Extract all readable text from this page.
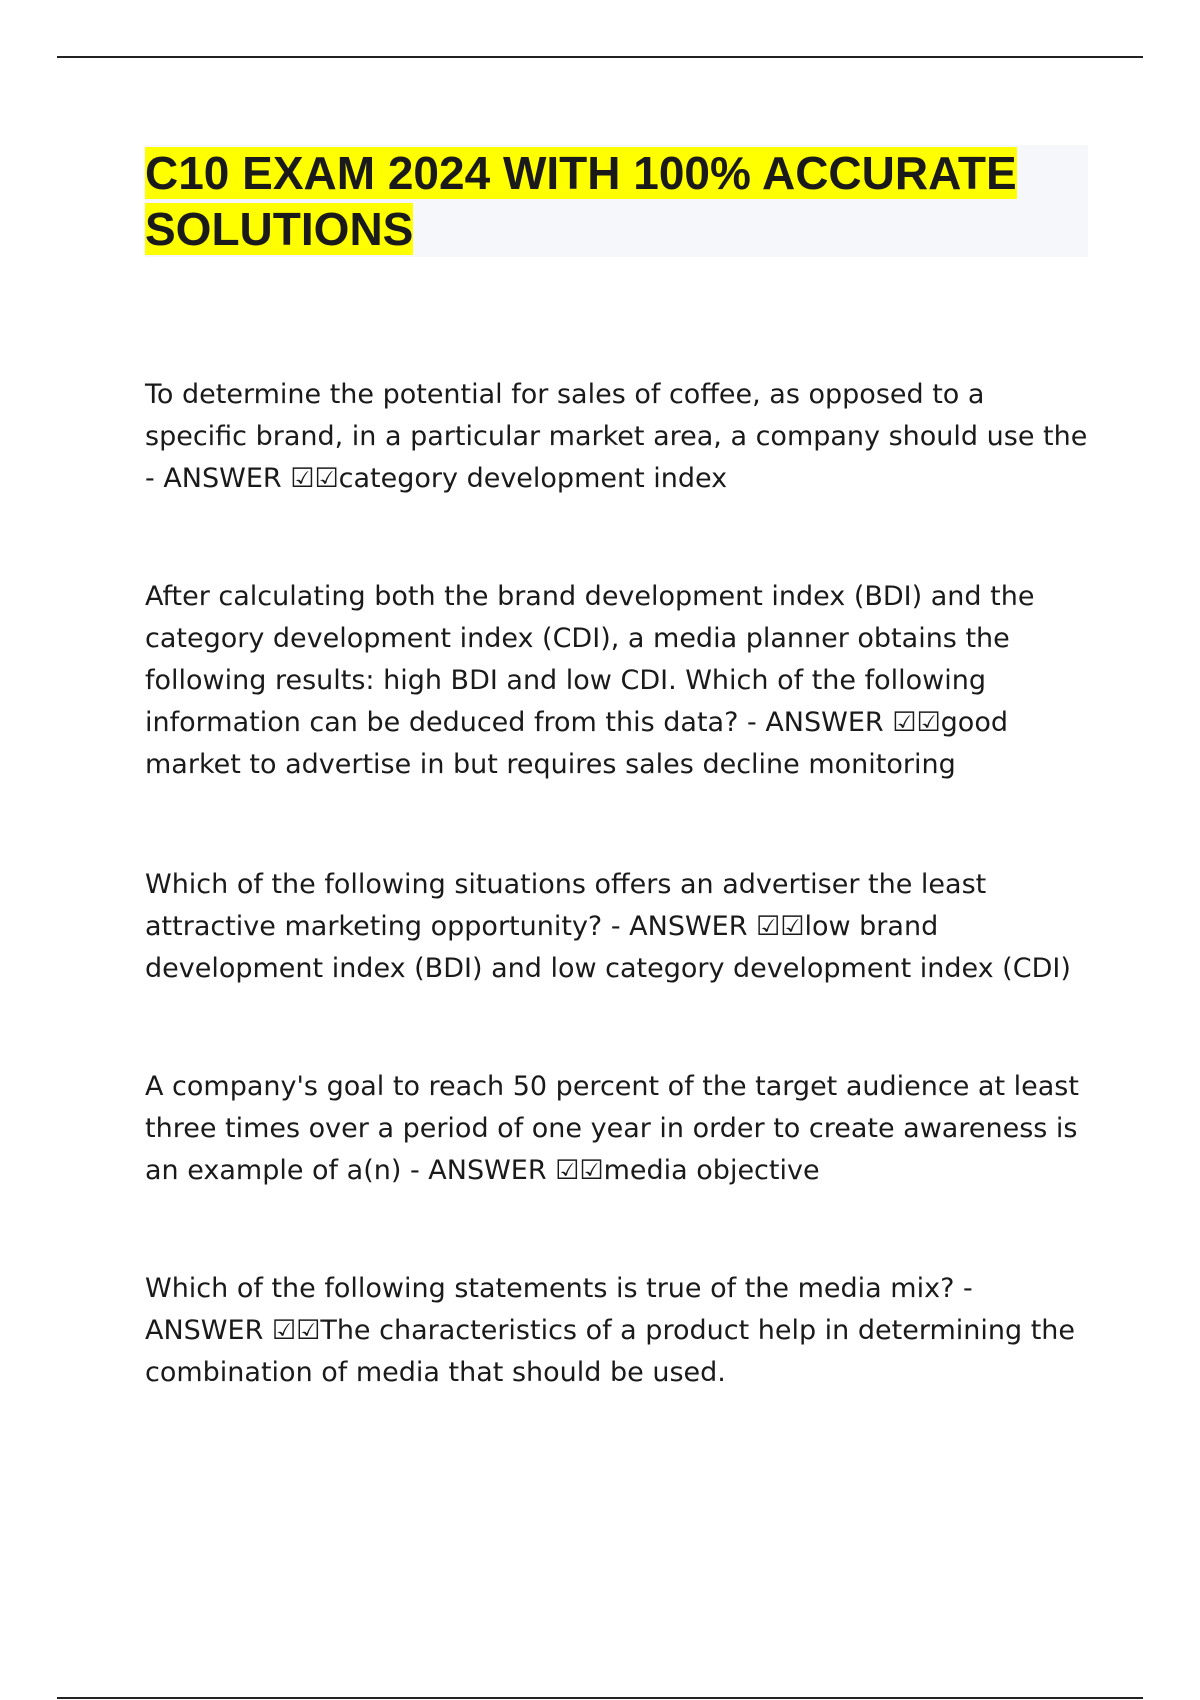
C10 EXAM 2024 WITH 100% ACCURATE SOLUTIONS

To determine the potential for sales of coffee, as opposed to a specific brand, in a particular market area, a company should use the - ANSWER ☑☑category development index

After calculating both the brand development index (BDI) and the category development index (CDI), a media planner obtains the following results: high BDI and low CDI. Which of the following information can be deduced from this data? - ANSWER ☑☑good market to advertise in but requires sales decline monitoring

Which of the following situations offers an advertiser the least attractive marketing opportunity? - ANSWER ☑☑low brand development index (BDI) and low category development index (CDI)

A company's goal to reach 50 percent of the target audience at least three times over a period of one year in order to create awareness is an example of a(n) - ANSWER ☑☑media objective

Which of the following statements is true of the media mix? - ANSWER ☑☑The characteristics of a product help in determining the combination of media that should be used.
